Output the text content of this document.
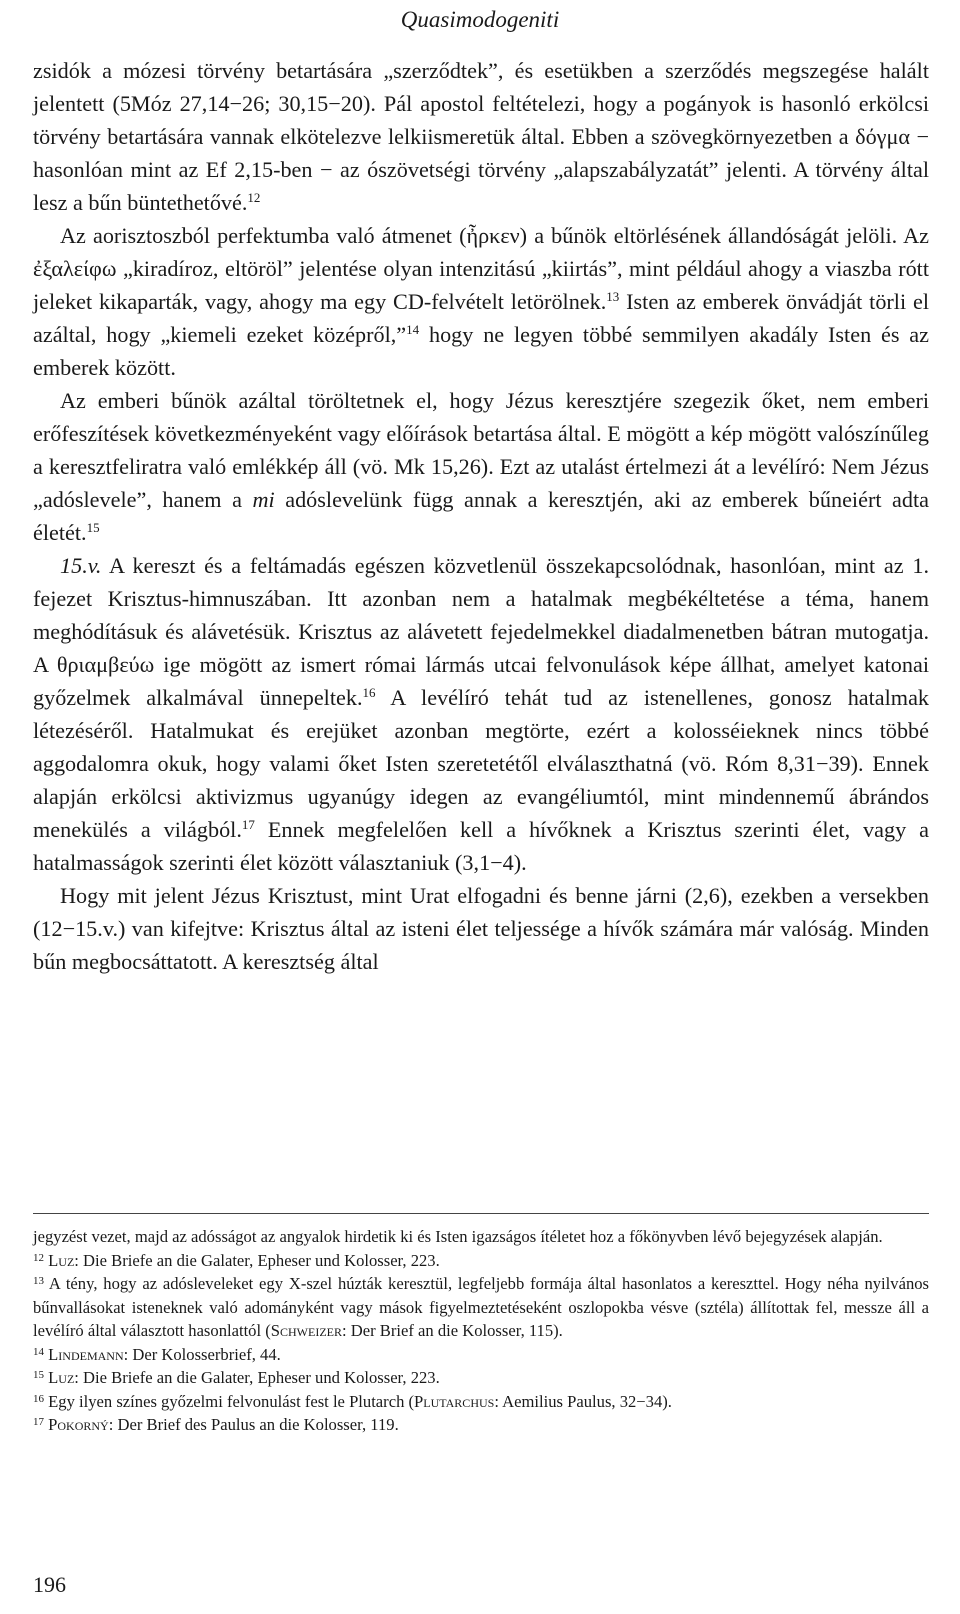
Quasimodogeniti

zsidók a mózesi törvény betartására „szerződtek”, és esetükben a szerződés megszegése halált jelentett (5Móz 27,14−26; 30,15−20). Pál apostol feltételezi, hogy a pogányok is hasonló erkölcsi törvény betartására vannak elkötelezve lelkiismeretük által. Ebben a szövegkörnyezetben a δόγμα − hasonlóan mint az Ef 2,15-ben − az ószövetségi törvény „alapszabályzatát” jelenti. A törvény által lesz a bűn büntethetővé.$^{12}$

Az aorisztoszból perfektumba való átmenet (ἦρκεν) a bűnök eltörlésének állandóságát jelöli. Az ἐξαλείφω „kiradíroz, eltöröl” jelentése olyan intenzitású „kiirtás”, mint például ahogy a viaszba rótt jeleket kikaparták, vagy, ahogy ma egy CD-felvételt letörölnek.$^{13}$ Isten az emberek önvádját törli el azáltal, hogy „kiemeli ezeket középről,”$^{14}$ hogy ne legyen többé semmilyen akadály Isten és az emberek között.

Az emberi bűnök azáltal töröltetnek el, hogy Jézus keresztjére szegezik őket, nem emberi erőfeszítések következményeként vagy előírások betartása által. E mögött a kép mögött valószínűleg a keresztfeliratra való emlékkép áll (vö. Mk 15,26). Ezt az utalást értelmezi át a levélíró: Nem Jézus „adóslevele”, hanem a mi adóslevelünk függ annak a keresztjén, aki az emberek bűneiért adta életét.$^{15}$

15.v. A kereszt és a feltámadás egészen közvetlenül összekapcsolódnak, hasonlóan, mint az 1. fejezet Krisztus-himnuszában. Itt azonban nem a hatalmak megbékéltetése a téma, hanem meghódításuk és alávetésük. Krisztus az alávetett fejedelmekkel diadalmenetben bátran mutogatja. A θριαμβεύω ige mögött az ismert római lármás utcai felvonulások képe állhat, amelyet katonai győzelmek alkalmával ünnepeltek.$^{16}$ A levélíró tehát tud az istenellenes, gonosz hatalmak létezéséről. Hatalmukat és erejüket azonban megtörte, ezért a kolosséieknek nincs többé aggodalomra okuk, hogy valami őket Isten szeretetétől elválaszthatná (vö. Róm 8,31−39). Ennek alapján erkölcsi aktivizmus ugyanúgy idegen az evangéliumtól, mint mindennemű ábrándos menekülés a világból.$^{17}$ Ennek megfelelően kell a hívőknek a Krisztus szerinti élet, vagy a hatalmasságok szerinti élet között választaniuk (3,1−4).

Hogy mit jelent Jézus Krisztust, mint Urat elfogadni és benne járni (2,6), ezekben a versekben (12−15.v.) van kifejtve: Krisztus által az isteni élet teljessége a hívők számára már valóság. Minden bűn megbocsáttatott. A keresztség által

jegyzést vezet, majd az adósságot az angyalok hirdetik ki és Isten igazságos ítéletet hoz a főkönyvben lévő bejegyzések alapján.

$^{12}$ Luz: Die Briefe an die Galater, Epheser und Kolosser, 223.

$^{13}$ A tény, hogy az adósleveleket egy X-szel húzták keresztül, legfeljebb formája által hasonlatos a kereszttel. Hogy néha nyilvános bűnvallásokat isteneknek való adományként vagy mások figyelmeztetéseként oszlopokba vésve (sztéla) állítottak fel, messze áll a levélíró által választott hasonlattól (Schweizer: Der Brief an die Kolosser, 115).

$^{14}$ Lindemann: Der Kolosserbrief, 44.

$^{15}$ Luz: Die Briefe an die Galater, Epheser und Kolosser, 223.

$^{16}$ Egy ilyen színes győzelmi felvonulást fest le Plutarch (Plutarchus: Aemilius Paulus, 32−34).

$^{17}$ Pokorný: Der Brief des Paulus an die Kolosser, 119.

196
